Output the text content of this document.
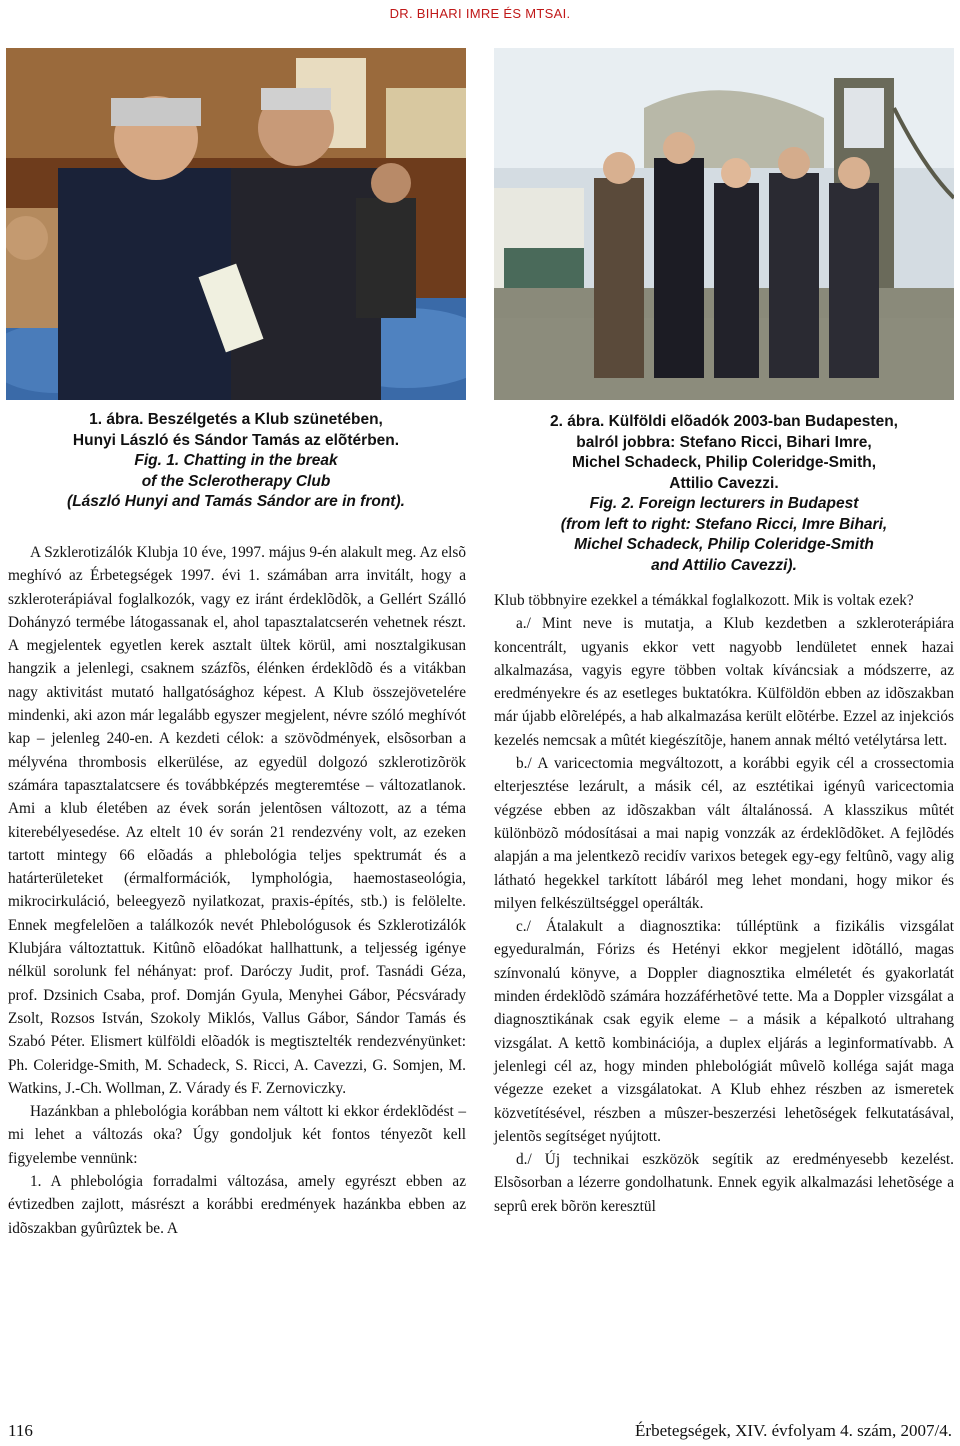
DR. BIHARI IMRE ÉS MTSAI.
1. ábra. Beszélgetés a Klub szünetében,
Hunyi László és Sándor Tamás az elõtérben.
Fig. 1. Chatting in the break
of the Sclerotherapy Club
(László Hunyi and Tamás Sándor are in front).
2. ábra. Külföldi elõadók 2003-ban Budapesten,
balról jobbra: Stefano Ricci, Bihari Imre,
Michel Schadeck, Philip Coleridge-Smith,
Attilio Cavezzi.
Fig. 2. Foreign lecturers in Budapest
(from left to right: Stefano Ricci, Imre Bihari,
Michel Schadeck, Philip Coleridge-Smith
and Attilio Cavezzi).

A Szklerotizálók Klubja 10 éve, 1997. május 9-én alakult meg. Az elsõ meghívó az Érbetegségek 1997. évi 1. számában arra invitált, hogy a szkleroterápiával foglalkozók, vagy ez iránt érdeklõdõk, a Gellért Szálló Dohányzó termébe látogassanak el, ahol tapasztalatcserén vehetnek részt. A megjelentek egyetlen kerek asztalt ültek körül, ami nosztalgikusan hangzik a jelenlegi, csaknem százfõs, élénken érdeklõdõ és a vitákban nagy aktivitást mutató hallgatósághoz képest. A Klub összejövetelére mindenki, aki azon már legalább egyszer megjelent, névre szóló meghívót kap – jelenleg 240-en. A kezdeti célok: a szövõdmények, elsõsorban a mélyvéna thrombosis elkerülése, az egyedül dolgozó szklerotizõrök számára tapasztalatcsere és továbbképzés megteremtése – változatlanok. Ami a klub életében az évek során jelentõsen változott, az a téma kiterebélyesedése. Az eltelt 10 év során 21 rendezvény volt, az ezeken tartott mintegy 66 elõadás a phlebológia teljes spektrumát és a határterületeket (érmalformációk, lymphológia, haemostaseológia, mikrocirkuláció, beleegyezõ nyilatkozat, praxis-építés, stb.) is felölelte. Ennek megfelelõen a találkozók nevét Phlebológusok és Szklerotizálók Klubjára változtattuk. Kitûnõ elõadókat hallhattunk, a teljesség igénye nélkül sorolunk fel néhányat: prof. Daróczy Judit, prof. Tasnádi Géza, prof. Dzsinich Csaba, prof. Domján Gyula, Menyhei Gábor, Pécsvárady Zsolt, Rozsos István, Szokoly Miklós, Vallus Gábor, Sándor Tamás és Szabó Péter. Elismert külföldi elõadók is megtisztelték rendezvényünket: Ph. Coleridge-Smith, M. Schadeck, S. Ricci, A. Cavezzi, G. Somjen, M. Watkins, J.-Ch. Wollman, Z. Várady és F. Zernoviczky.

Hazánkban a phlebológia korábban nem váltott ki ekkor érdeklõdést – mi lehet a változás oka? Úgy gondoljuk két fontos tényezõt kell figyelembe vennünk:

1. A phlebológia forradalmi változása, amely egyrészt ebben az évtizedben zajlott, másrészt a korábbi eredmények hazánkba ebben az idõszakban gyûrûztek be. A

Klub többnyire ezekkel a témákkal foglalkozott. Mik is voltak ezek?

a./ Mint neve is mutatja, a Klub kezdetben a szkleroterápiára koncentrált, ugyanis ekkor vett nagyobb lendületet ennek hazai alkalmazása, vagyis egyre többen voltak kíváncsiak a módszerre, az eredményekre és az esetleges buktatókra. Külföldön ebben az idõszakban már újabb elõrelépés, a hab alkalmazása került elõtérbe. Ezzel az injekciós kezelés nemcsak a mûtét kiegészítõje, hanem annak méltó vetélytársa lett.

b./ A varicectomia megváltozott, a korábbi egyik cél a crossectomia elterjesztése lezárult, a másik cél, az esztétikai igényû varicectomia végzése ebben az idõszakban vált általánossá. A klasszikus mûtét különbözõ módosításai a mai napig vonzzák az érdeklõdõket. A fejlõdés alapján a ma jelentkezõ recidív varixos betegek egy-egy feltûnõ, vagy alig látható hegekkel tarkított lábáról meg lehet mondani, hogy mikor és milyen felkészültséggel operálták.

c./ Átalakult a diagnosztika: túlléptünk a fizikális vizsgálat egyeduralmán, Fórizs és Hetényi ekkor megjelent idõtálló, magas színvonalú könyve, a Doppler diagnosztika elméletét és gyakorlatát minden érdeklõdõ számára hozzáférhetõvé tette. Ma a Doppler vizsgálat a diagnosztikának csak egyik eleme – a másik a képalkotó ultrahang vizsgálat. A kettõ kombinációja, a duplex eljárás a leginformatívabb. A jelenlegi cél az, hogy minden phlebológiát mûvelõ kolléga saját maga végezze ezeket a vizsgálatokat. A Klub ehhez részben az ismeretek közvetítésével, részben a mûszer-beszerzési lehetõségek felkutatásával, jelentõs segítséget nyújtott.

d./ Új technikai eszközök segítik az eredményesebb kezelést. Elsõsorban a lézerre gondolhatunk. Ennek egyik alkalmazási lehetõsége a seprû erek bõrön keresztül

116	Érbetegségek, XIV. évfolyam 4. szám, 2007/4.
